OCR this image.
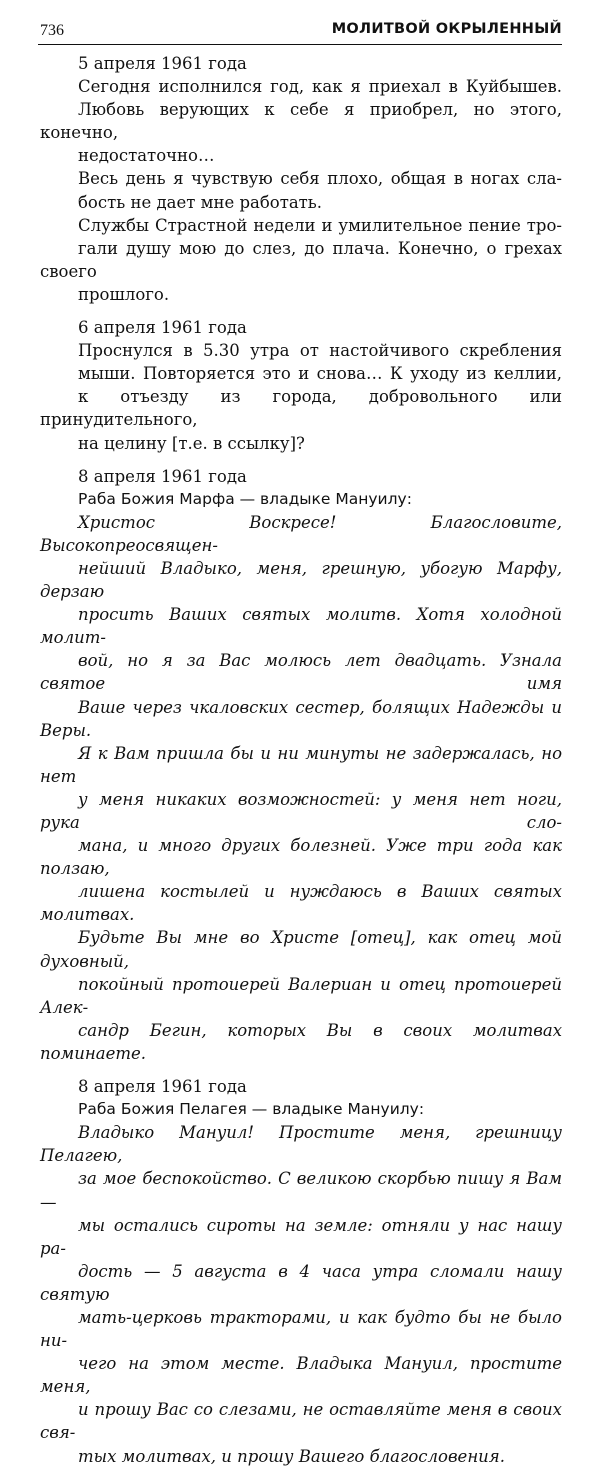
736	МОЛИТВОЙ ОКРЫЛЕННЫЙ
5 апреля 1961 года

Сегодня исполнился год, как я приехал в Куйбышев.
Любовь верующих к себе я приобрел, но этого, конечно,
недостаточно…

Весь день я чувствую себя плохо, общая в ногах сла-
бость не дает мне работать.

Службы Страстной недели и умилительное пение тро-
гали душу мою до слез, до плача. Конечно, о грехах своего
прошлого.

6 апреля 1961 года

Проснулся в 5.30 утра от настойчивого скребления
мыши. Повторяется это и снова… К уходу из келлии,
к отъезду из города, добровольного или принудительного,
на целину [т.е. в ссылку]?

8 апреля 1961 года
Раба Божия Марфа — владыке Мануилу:

Христос Воскресе! Благословите, Высокопреосвящен-
нейший Владыко, меня, грешную, убогую Марфу, дерзаю
просить Ваших святых молитв. Хотя холодной молит-
вой, но я за Вас молюсь лет двадцать. Узнала святое имя
Ваше через чкаловских сестер, болящих Надежды и Веры.
Я к Вам пришла бы и ни минуты не задержалась, но нет
у меня никаких возможностей: у меня нет ноги, рука сло-
мана, и много других болезней. Уже три года как ползаю,
лишена костылей и нуждаюсь в Ваших святых молитвах.
Будьте Вы мне во Христе [отец], как отец мой духовный,
покойный протоиерей Валериан и отец протоиерей Алек-
сандр Бегин, которых Вы в своих молитвах поминаете.

8 апреля 1961 года
Раба Божия Пелагея — владыке Мануилу:

Владыко Мануил! Простите меня, грешницу Пелагею,
за мое беспокойство. С великою скорбью пишу я Вам —
мы остались сироты на земле: отняли у нас нашу ра-
дость — 5 августа в 4 часа утра сломали нашу святую
мать-церковь тракторами, и как будто бы не было ни-
чего на этом месте. Владыка Мануил, простите меня,
и прошу Вас со слезами, не оставляйте меня в своих свя-
тых молитвах, и прошу Вашего благословения.
